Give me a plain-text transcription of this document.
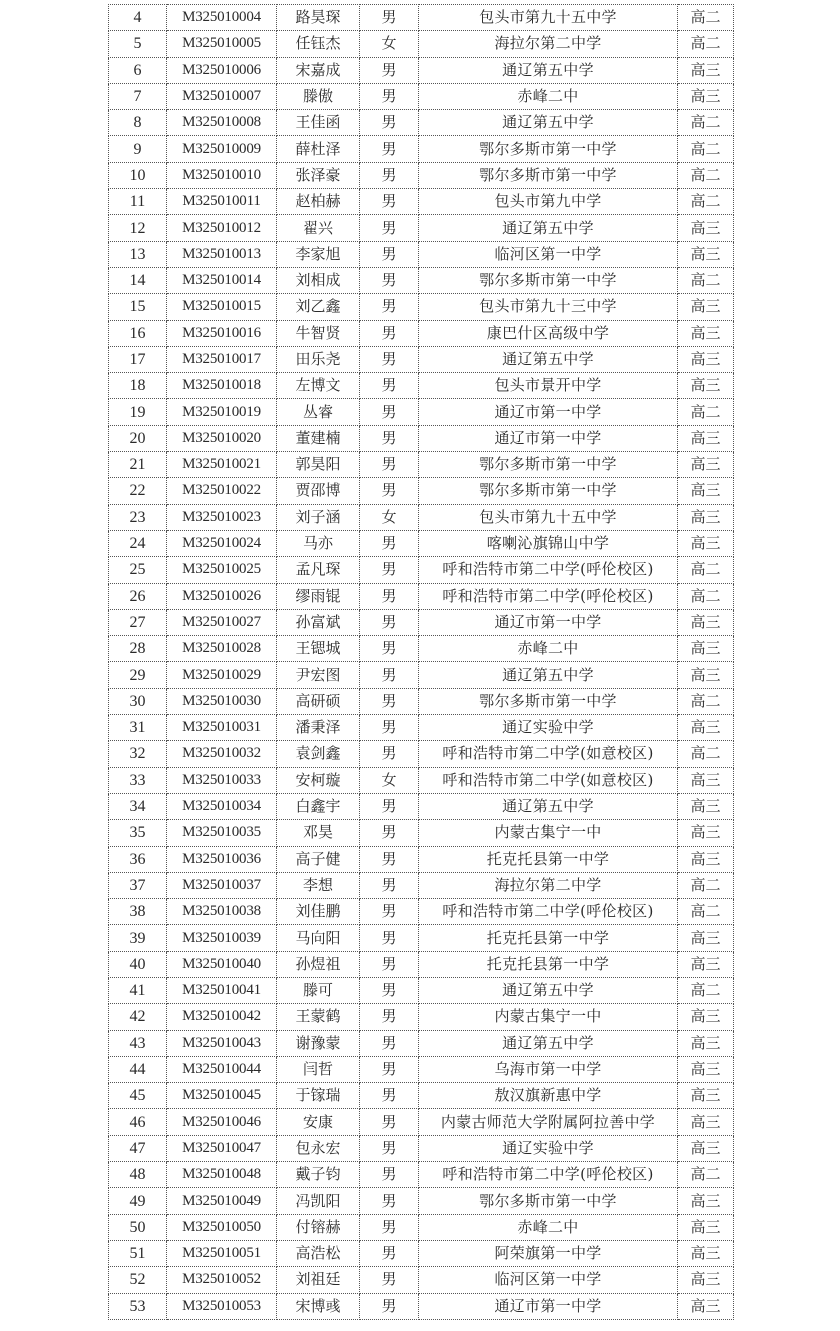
4	M325010004	路昊琛	男	包头市第九十五中学	高二
5	M325010005	任钰杰	女	海拉尔第二中学	高二
6	M325010006	宋嘉成	男	通辽第五中学	高三
7	M325010007	滕傲	男	赤峰二中	高三
8	M325010008	王佳函	男	通辽第五中学	高二
9	M325010009	薛杜泽	男	鄂尔多斯市第一中学	高二
10	M325010010	张泽豪	男	鄂尔多斯市第一中学	高二
11	M325010011	赵柏赫	男	包头市第九中学	高二
12	M325010012	翟兴	男	通辽第五中学	高三
13	M325010013	李家旭	男	临河区第一中学	高三
14	M325010014	刘相成	男	鄂尔多斯市第一中学	高二
15	M325010015	刘乙鑫	男	包头市第九十三中学	高三
16	M325010016	牛智贤	男	康巴什区高级中学	高三
17	M325010017	田乐尧	男	通辽第五中学	高三
18	M325010018	左博文	男	包头市景开中学	高三
19	M325010019	丛睿	男	通辽市第一中学	高二
20	M325010020	董建楠	男	通辽市第一中学	高三
21	M325010021	郭昊阳	男	鄂尔多斯市第一中学	高三
22	M325010022	贾邵博	男	鄂尔多斯市第一中学	高三
23	M325010023	刘子涵	女	包头市第九十五中学	高三
24	M325010024	马亦	男	喀喇沁旗锦山中学	高三
25	M325010025	孟凡琛	男	呼和浩特市第二中学(呼伦校区)	高二
26	M325010026	缪雨锟	男	呼和浩特市第二中学(呼伦校区)	高二
27	M325010027	孙富斌	男	通辽市第一中学	高三
28	M325010028	王锶城	男	赤峰二中	高三
29	M325010029	尹宏图	男	通辽第五中学	高三
30	M325010030	高研硕	男	鄂尔多斯市第一中学	高二
31	M325010031	潘秉泽	男	通辽实验中学	高三
32	M325010032	袁剑鑫	男	呼和浩特市第二中学(如意校区)	高二
33	M325010033	安柯璇	女	呼和浩特市第二中学(如意校区)	高三
34	M325010034	白鑫宇	男	通辽第五中学	高三
35	M325010035	邓昊	男	内蒙古集宁一中	高三
36	M325010036	高子健	男	托克托县第一中学	高三
37	M325010037	李想	男	海拉尔第二中学	高二
38	M325010038	刘佳鹏	男	呼和浩特市第二中学(呼伦校区)	高二
39	M325010039	马向阳	男	托克托县第一中学	高三
40	M325010040	孙煜祖	男	托克托县第一中学	高三
41	M325010041	滕可	男	通辽第五中学	高二
42	M325010042	王蒙鹤	男	内蒙古集宁一中	高三
43	M325010043	谢豫蒙	男	通辽第五中学	高三
44	M325010044	闫哲	男	乌海市第一中学	高三
45	M325010045	于镓瑞	男	敖汉旗新惠中学	高三
46	M325010046	安康	男	内蒙古师范大学附属阿拉善中学	高三
47	M325010047	包永宏	男	通辽实验中学	高三
48	M325010048	戴子钧	男	呼和浩特市第二中学(呼伦校区)	高二
49	M325010049	冯凯阳	男	鄂尔多斯市第一中学	高三
50	M325010050	付镕赫	男	赤峰二中	高三
51	M325010051	高浩松	男	阿荣旗第一中学	高三
52	M325010052	刘祖廷	男	临河区第一中学	高三
53	M325010053	宋博彧	男	通辽市第一中学	高三
